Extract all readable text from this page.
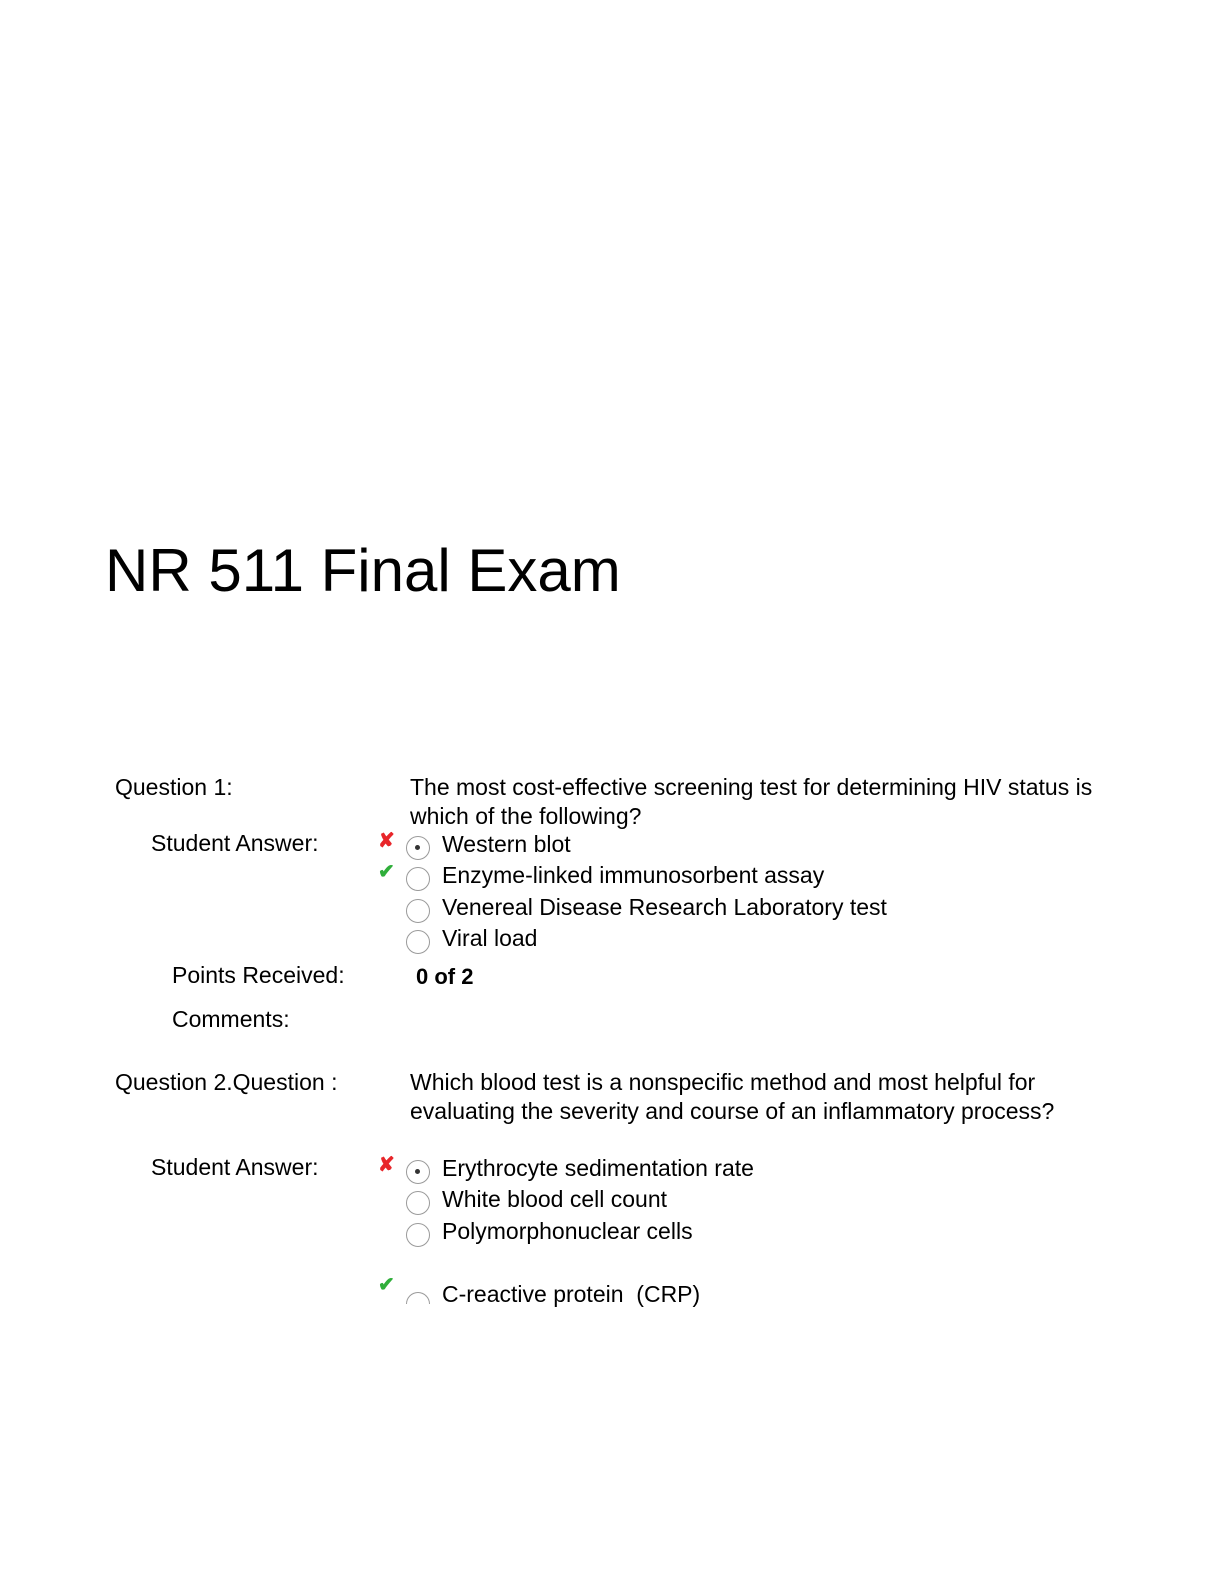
NR 511 Final Exam
Question 1:	The most cost-effective screening test for determining HIV status is which of the following?
Student Answer:	✘ Western blot
✔ Enzyme-linked immunosorbent assay
Venereal Disease Research Laboratory test
Viral load
Points Received:	0 of 2
Comments:
Question 2.Question :	Which blood test is a nonspecific method and most helpful for evaluating the severity and course of an inflammatory process?
Student Answer:	✘ Erythrocyte sedimentation rate
White blood cell count
Polymorphonuclear cells
✔ C-reactive protein  (CRP)
